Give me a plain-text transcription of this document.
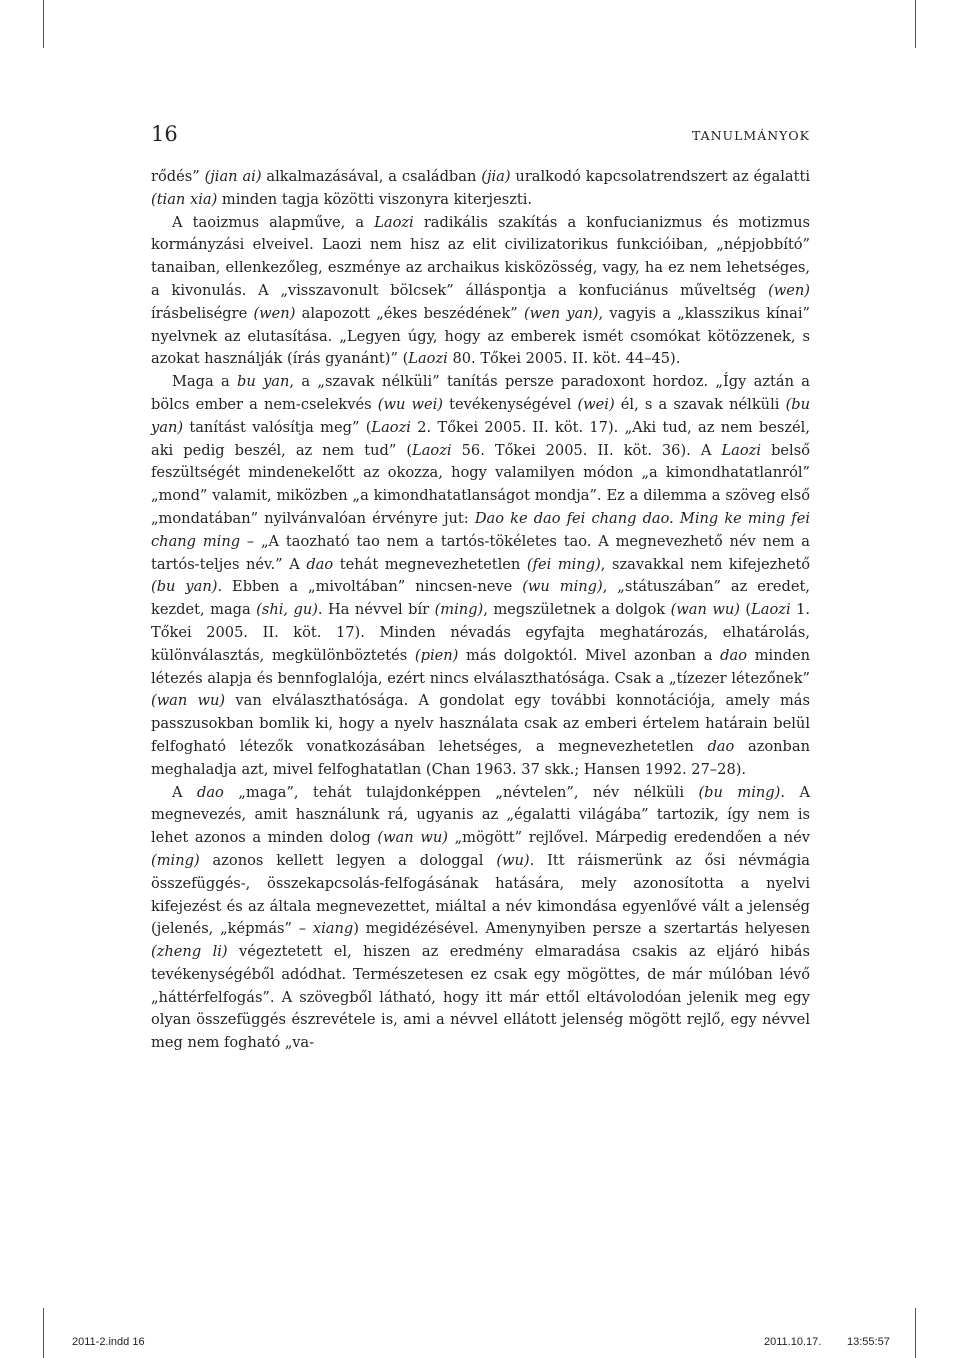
16	TANULMÁNYOK

rődés” (jian ai) alkalmazásával, a családban (jia) uralkodó kapcsolatrendszert az égalatti (tian xia) minden tagja közötti viszonyra kiterjeszti.

A taoizmus alapműve, a Laozi radikális szakítás a konfucianizmus és motizmus kormányzási elveivel. Laozi nem hisz az elit civilizatorikus funkcióiban, „népjobbító” tanaiban, ellenkezőleg, eszménye az archaikus kisközösség, vagy, ha ez nem lehetséges, a kivonulás. A „visszavonult bölcsek” álláspontja a konfuciánus műveltség (wen) írásbeliségre (wen) alapozott „ékes beszédének” (wen yan), vagyis a „klasszikus kínai” nyelvnek az elutasítása. „Legyen úgy, hogy az emberek ismét csomókat kötözzenek, s azokat használják (írás gyanánt)” (Laozi 80. Tőkei 2005. II. köt. 44–45).

Maga a bu yan, a „szavak nélküli” tanítás persze paradoxont hordoz. „Így aztán a bölcs ember a nem-cselekvés (wu wei) tevékenységével (wei) él, s a szavak nélküli (bu yan) tanítást valósítja meg” (Laozi 2. Tőkei 2005. II. köt. 17). „Aki tud, az nem beszél, aki pedig beszél, az nem tud” (Laozi 56. Tőkei 2005. II. köt. 36). A Laozi belső feszültségét mindenekelőtt az okozza, hogy valamilyen módon „a kimondhatatlanról” „mond” valamit, miközben „a kimondhatatlanságot mondja”. Ez a dilemma a szöveg első „mondatában” nyilvánvalóan érvényre jut: Dao ke dao fei chang dao. Ming ke ming fei chang ming – „A taozható tao nem a tartós-tökéletes tao. A megnevezhető név nem a tartós-teljes név.” A dao tehát megnevezhetetlen (fei ming), szavakkal nem kifejezhető (bu yan). Ebben a „mivoltában” nincsen-neve (wu ming), „státuszában” az eredet, kezdet, maga (shi, gu). Ha névvel bír (ming), megszületnek a dolgok (wan wu) (Laozi 1. Tőkei 2005. II. köt. 17). Minden névadás egyfajta meghatározás, elhatárolás, különválasztás, megkülönböztetés (pien) más dolgoktól. Mivel azonban a dao minden létezés alapja és bennfoglalója, ezért nincs elválaszthatósága. Csak a „tízezer létezőnek” (wan wu) van elválaszthatósága. A gondolat egy további konnotációja, amely más passzusokban bomlik ki, hogy a nyelv használata csak az emberi értelem határain belül felfogható létezők vonatkozásában lehetséges, a megnevezhetetlen dao azonban meghaladja azt, mivel felfoghatatlan (Chan 1963. 37 skk.; Hansen 1992. 27–28).

A dao „maga”, tehát tulajdonképpen „névtelen”, név nélküli (bu ming). A megnevezés, amit használunk rá, ugyanis az „égalatti világába” tartozik, így nem is lehet azonos a minden dolog (wan wu) „mögött” rejlővel. Márpedig eredendően a név (ming) azonos kellett legyen a dologgal (wu). Itt ráismerünk az ősi névmágia összefüggés-, összekapcsolás-felfogásának hatására, mely azonosította a nyelvi kifejezést és az általa megnevezettet, miáltal a név kimondása egyenlővé vált a jelenség (jelenés, „képmás” – xiang) megidézésével. Amenynyiben persze a szertartás helyesen (zheng li) végeztetett el, hiszen az eredmény elmaradása csakis az eljáró hibás tevékenységéből adódhat. Természetesen ez csak egy mögöttes, de már múlóban lévő „háttérfelfogás”. A szövegből látható, hogy itt már ettől eltávolodóan jelenik meg egy olyan összefüggés észrevétele is, ami a névvel ellátott jelenség mögött rejlő, egy névvel meg nem fogható „va-

2011-2.indd 16	2011.10.17. 13:55:57
